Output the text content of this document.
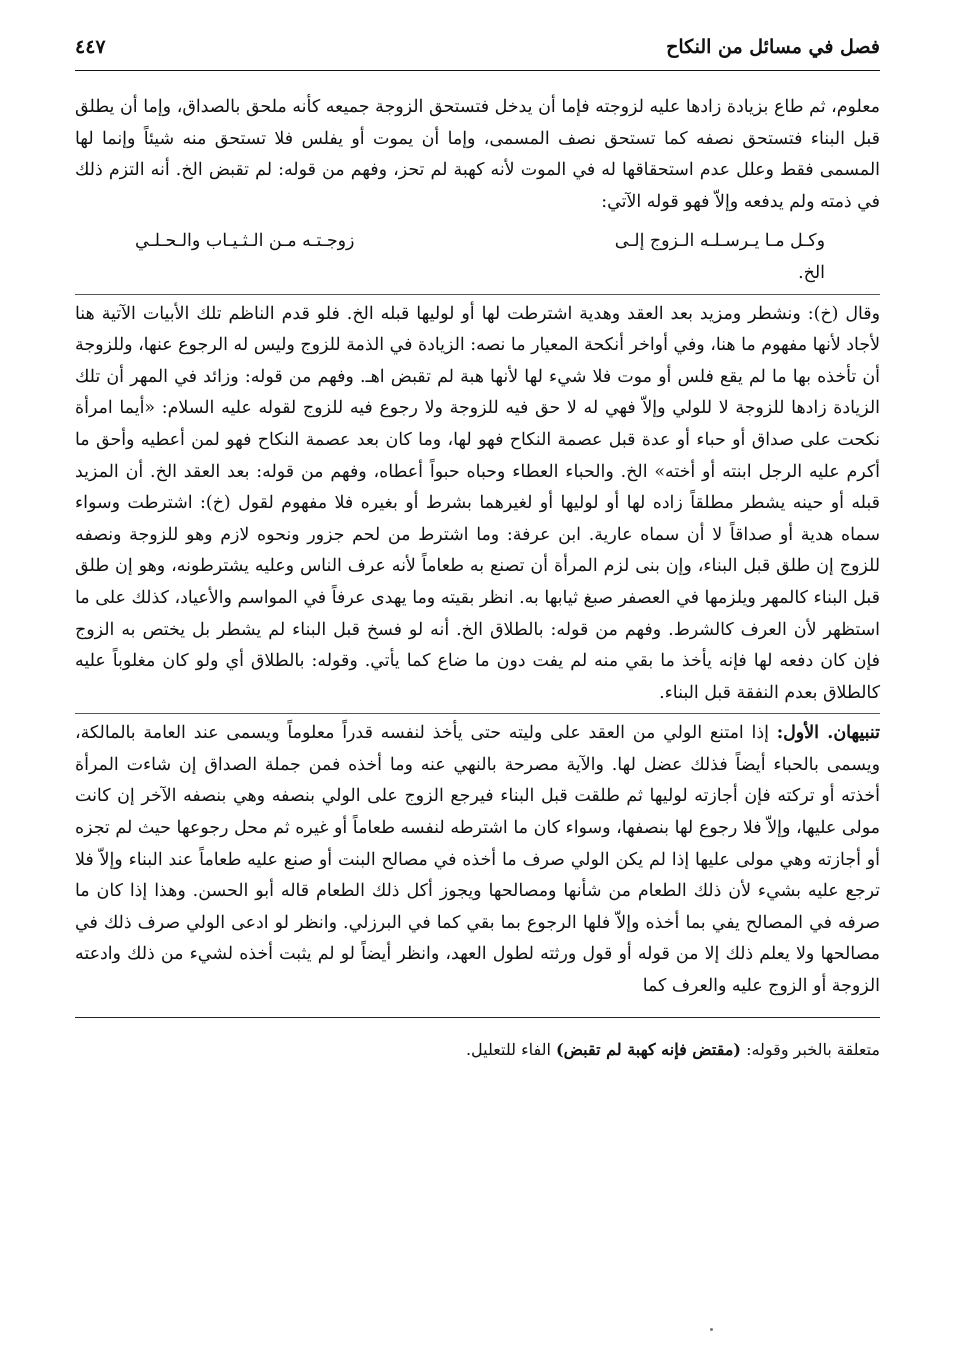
فصل في مسائل من النكاح
٤٤٧

معلوم، ثم طاع بزيادة زادها عليه لزوجته فإما أن يدخل فتستحق الزوجة جميعه كأنه ملحق بالصداق، وإما أن يطلق قبل البناء فتستحق نصفه كما تستحق نصف المسمى، وإما أن يموت أو يفلس فلا تستحق منه شيئاً وإنما لها المسمى فقط وعلل عدم استحقاقها له في الموت لأنه كهبة لم تحز، وفهم من قوله: لم تقبض الخ. أنه التزم ذلك في ذمته ولم يدفعه وإلاّ فهو قوله الآتي:

وكـل مـا يـرسـلـه الـزوج إلـى
زوجـتـه مـن الـثـيـاب والـحـلـي
الخ.

وقال (خ): ونشطر ومزيد بعد العقد وهدية اشترطت لها أو لوليها قبله الخ. فلو قدم الناظم تلك الأبيات الآتية هنا لأجاد لأنها مفهوم ما هنا، وفي أواخر أنكحة المعيار ما نصه: الزيادة في الذمة للزوج وليس له الرجوع عنها، وللزوجة أن تأخذه بها ما لم يقع فلس أو موت فلا شيء لها لأنها هبة لم تقبض اهـ. وفهم من قوله: وزائد في المهر أن تلك الزيادة زادها للزوجة لا للولي وإلاّ فهي له لا حق فيه للزوجة ولا رجوع فيه للزوج لقوله عليه السلام: «أيما امرأة نكحت على صداق أو حباء أو عدة قبل عصمة النكاح فهو لها، وما كان بعد عصمة النكاح فهو لمن أعطيه وأحق ما أكرم عليه الرجل ابنته أو أخته» الخ. والحباء العطاء وحباه حبواً أعطاه، وفهم من قوله: بعد العقد الخ. أن المزيد قبله أو حينه يشطر مطلقاً زاده لها أو لوليها أو لغيرهما بشرط أو بغيره فلا مفهوم لقول (خ): اشترطت وسواء سماه هدية أو صداقاً لا أن سماه عارية. ابن عرفة: وما اشترط من لحم جزور ونحوه لازم وهو للزوجة ونصفه للزوج إن طلق قبل البناء، وإن بنى لزم المرأة أن تصنع به طعاماً لأنه عرف الناس وعليه يشترطونه، وهو إن طلق قبل البناء كالمهر ويلزمها في العصفر صبغ ثيابها به. انظر بقيته وما يهدى عرفاً في المواسم والأعياد، كذلك على ما استظهر لأن العرف كالشرط. وفهم من قوله: بالطلاق الخ. أنه لو فسخ قبل البناء لم يشطر بل يختص به الزوج فإن كان دفعه لها فإنه يأخذ ما بقي منه لم يفت دون ما ضاع كما يأتي. وقوله: بالطلاق أي ولو كان مغلوباً عليه كالطلاق بعدم النفقة قبل البناء.

تنبيهان. الأول: إذا امتنع الولي من العقد على وليته حتى يأخذ لنفسه قدراً معلوماً ويسمى عند العامة بالمالكة، ويسمى بالحباء أيضاً فذلك عضل لها. والآية مصرحة بالنهي عنه وما أخذه فمن جملة الصداق إن شاءت المرأة أخذته أو تركته فإن أجازته لوليها ثم طلقت قبل البناء فيرجع الزوج على الولي بنصفه وهي بنصفه الآخر إن كانت مولى عليها، وإلاّ فلا رجوع لها بنصفها، وسواء كان ما اشترطه لنفسه طعاماً أو غيره ثم محل رجوعها حيث لم تجزه أو أجازته وهي مولى عليها إذا لم يكن الولي صرف ما أخذه في مصالح البنت أو صنع عليه طعاماً عند البناء وإلاّ فلا ترجع عليه بشيء لأن ذلك الطعام من شأنها ومصالحها ويجوز أكل ذلك الطعام قاله أبو الحسن. وهذا إذا كان ما صرفه في المصالح يفي بما أخذه وإلاّ فلها الرجوع بما بقي كما في البرزلي. وانظر لو ادعى الولي صرف ذلك في مصالحها ولا يعلم ذلك إلا من قوله أو قول ورثته لطول العهد، وانظر أيضاً لو لم يثبت أخذه لشيء من ذلك وادعته الزوجة أو الزوج عليه والعرف كما

متعلقة بالخبر وقوله: (مقتض فإنه كهبة لم تقبض) الفاء للتعليل.
